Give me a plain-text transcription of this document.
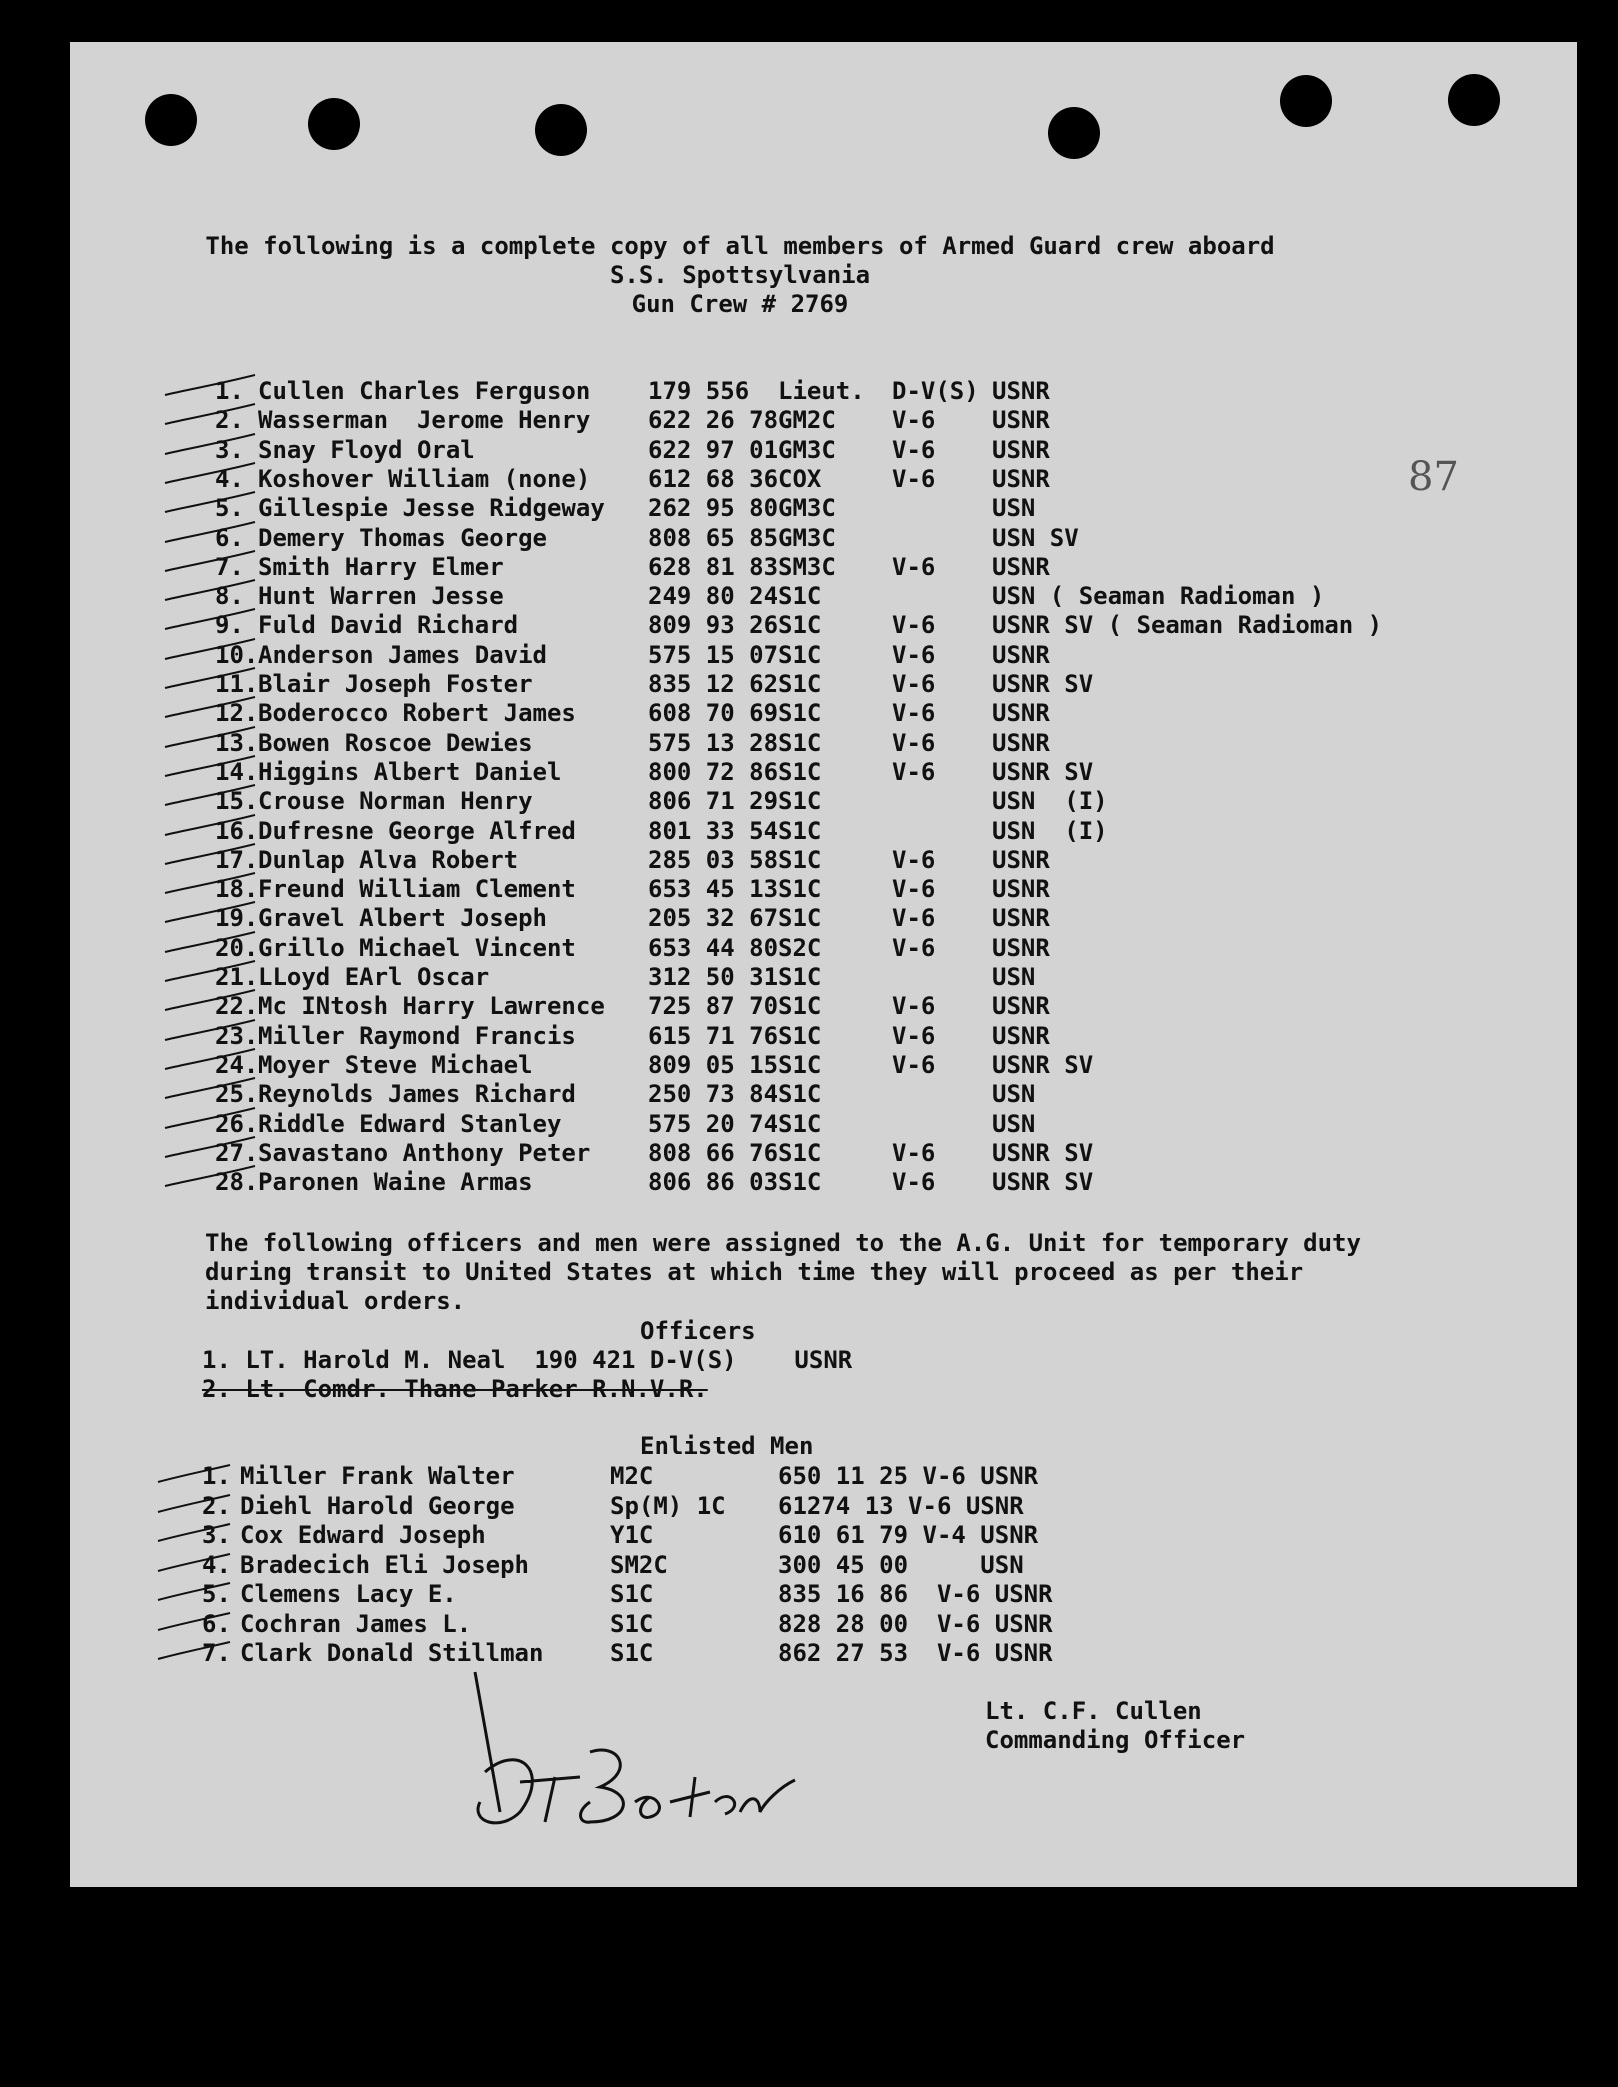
The following is a complete copy of all members of Armed Guard crew aboard
S.S. Spottsylvania
Gun Crew # 2769
87
1. Cullen Charles Ferguson 179 556 Lieut. D-V(S) USNR
2. Wasserman  Jerome Henry 622 26 78 GM2C V-6 USNR
3. Snay Floyd Oral	622 97 01 GM3C V-6 USNR
4. Koshover William (none) 612 68 36 COX	V-6 USNR
5. Gillespie Jesse Ridgeway 262 95 80 GM3C	USN
6. Demery Thomas George	808 65 85 GM3C	USN SV
7. Smith Harry Elmer	628 81 83 SM3C V-6 USNR
8. Hunt Warren Jesse	249 80 24 S1C	USN ( Seaman Radioman )
9. Fuld David Richard	809 93 26 S1C	V-6 USNR SV ( Seaman Radioman )
10. Anderson James David	575 15 07 S1C	V-6 USNR
11. Blair Joseph Foster	835 12 62 S1C	V-6 USNR SV
12. Boderocco Robert James	608 70 69 S1C	V-6 USNR
13. Bowen Roscoe Dewies	575 13 28 S1C	V-6 USNR
14. Higgins Albert Daniel	800 72 86 S1C	V-6 USNR SV
15. Crouse Norman Henry	806 71 29 S1C	USN  (I)
16. Dufresne George Alfred	801 33 54 S1C	USN  (I)
17. Dunlap Alva Robert	285 03 58 S1C	V-6 USNR
18. Freund William Clement	653 45 13 S1C	V-6 USNR
19. Gravel Albert Joseph	205 32 67 S1C	V-6 USNR
20. Grillo Michael Vincent	653 44 80 S2C	V-6 USNR
21. LLoyd EArl Oscar	312 50 31 S1C	USN
22. Mc INtosh Harry Lawrence 725 87 70 S1C	V-6 USNR
23. Miller Raymond Francis	615 71 76 S1C	V-6 USNR
24. Moyer Steve Michael	809 05 15 S1C	V-6 USNR SV
25. Reynolds James Richard	250 73 84 S1C	USN
26. Riddle Edward Stanley	575 20 74 S1C	USN
27. Savastano Anthony Peter 808 66 76 S1C	V-6 USNR SV
28. Paronen Waine Armas	806 86 03 S1C	V-6 USNR SV
The following officers and men were assigned to the A.G. Unit for temporary duty
during transit to United States at which time they will proceed as per their
individual orders.
Officers
1. LT. Harold M. Neal  190 421 D-V(S)    USNR
2. Lt. Comdr. Thane Parker R.N.V.R.
Enlisted Men
1. Miller Frank Walter	M2C	650 11 25 V-6 USNR
2. Diehl Harold George	Sp(M) 1C 61274 13 V-6 USNR
3. Cox Edward Joseph	Y1C	610 61 79 V-4 USNR
4. Bradecich Eli Joseph	SM2C	300 45 00     USN
5. Clemens Lacy E.	S1C	835 16 86  V-6 USNR
6. Cochran James L.	S1C	828 28 00  V-6 USNR
7. Clark Donald Stillman	S1C	862 27 53  V-6 USNR
Lt. C.F. Cullen
Commanding Officer
